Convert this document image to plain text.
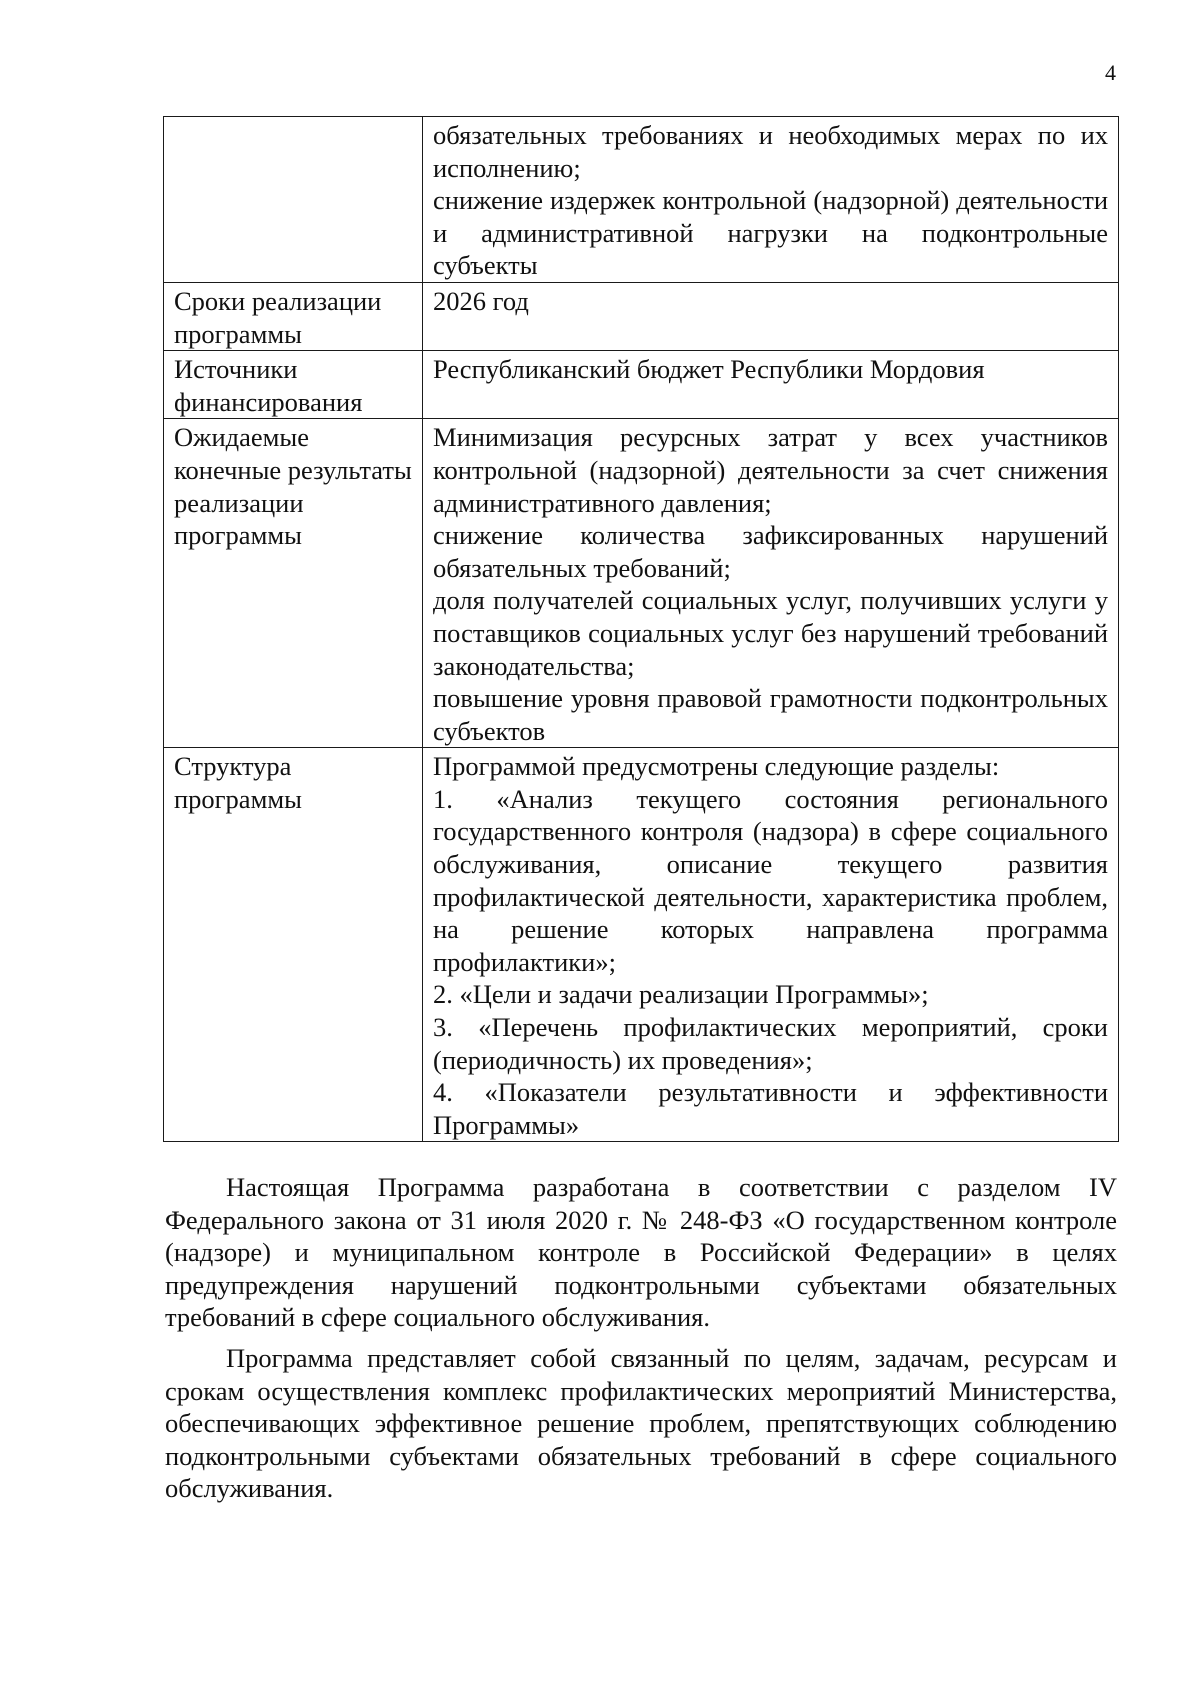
4

	обязательных требованиях и необходимых мерах по их исполнению;
снижение издержек контрольной (надзорной) деятельности и административной нагрузки на подконтрольные субъекты

Сроки реализации программы	2026 год

Источники финансирования	Республиканский бюджет Республики Мордовия

Ожидаемые конечные результаты реализации программы	Минимизация ресурсных затрат у всех участников контрольной (надзорной) деятельности за счет снижения административного давления;
снижение количества зафиксированных нарушений обязательных требований;
доля получателей социальных услуг, получивших услуги у поставщиков социальных услуг без нарушений требований законодательства;
повышение уровня правовой грамотности подконтрольных субъектов

Структура программы	Программой предусмотрены следующие разделы:
1. «Анализ текущего состояния регионального государственного контроля (надзора) в сфере социального обслуживания, описание текущего развития профилактической деятельности, характеристика проблем, на решение которых направлена программа профилактики»;
2. «Цели и задачи реализации Программы»;
3. «Перечень профилактических мероприятий, сроки (периодичность) их проведения»;
4. «Показатели результативности и эффективности Программы»

Настоящая Программа разработана в соответствии с разделом IV Федерального закона от 31 июля 2020 г. № 248-ФЗ «О государственном контроле (надзоре) и муниципальном контроле в Российской Федерации» в целях предупреждения нарушений подконтрольными субъектами обязательных требований в сфере социального обслуживания.

Программа представляет собой связанный по целям, задачам, ресурсам и срокам осуществления комплекс профилактических мероприятий Министерства, обеспечивающих эффективное решение проблем, препятствующих соблюдению подконтрольными субъектами обязательных требований в сфере социального обслуживания.
